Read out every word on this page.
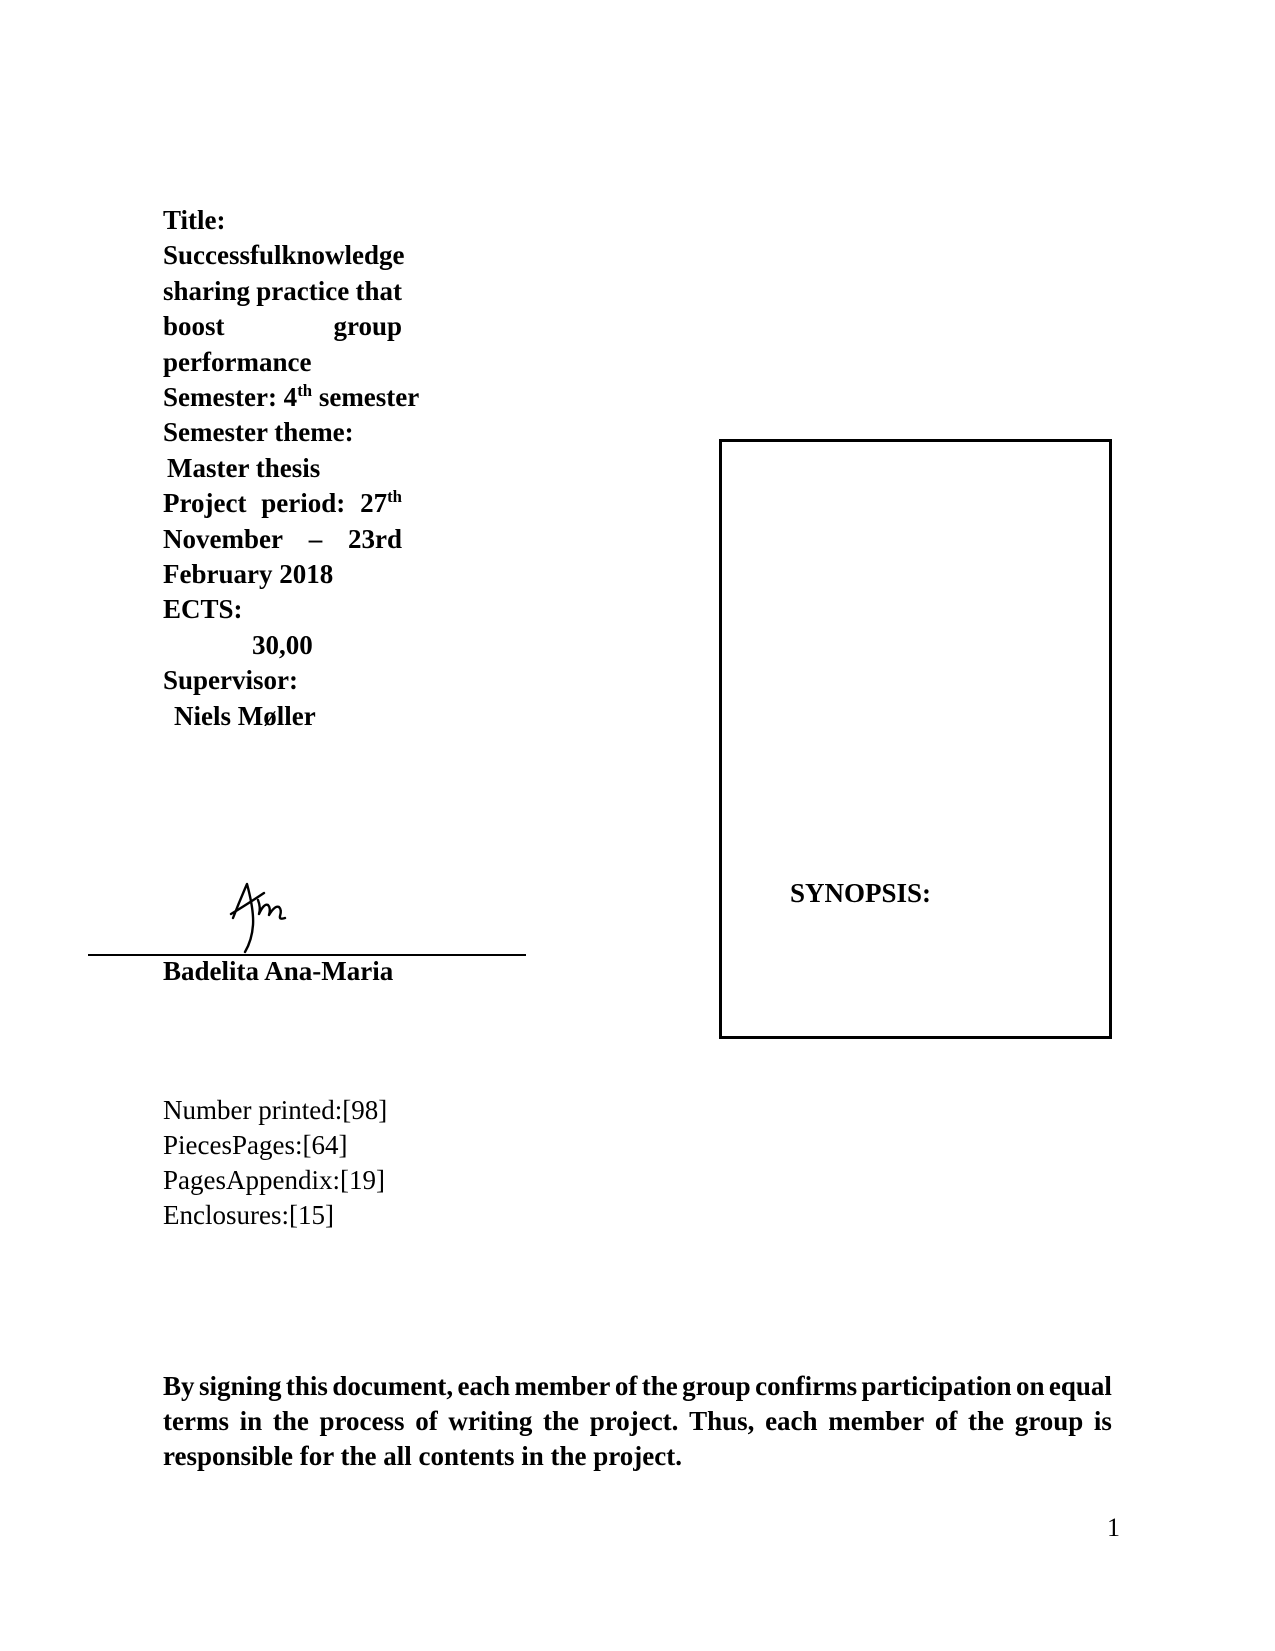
Title:
Successful knowledge
sharing practice that
boost	group
performance
Semester: 4th semester
Semester theme:
Master thesis
Project period: 27th
November – 23rd
February 2018
ECTS:
30,00
Supervisor:
Niels Møller
SYNOPSIS:
Badelita Ana-Maria
Number printed:[98]
PiecesPages:[64]
PagesAppendix:[19]
Enclosures:[15]
By signing this document, each member of the group confirms participation on equal
terms in the process of writing the project. Thus, each member of the group is
responsible for the all contents in the project.
1
